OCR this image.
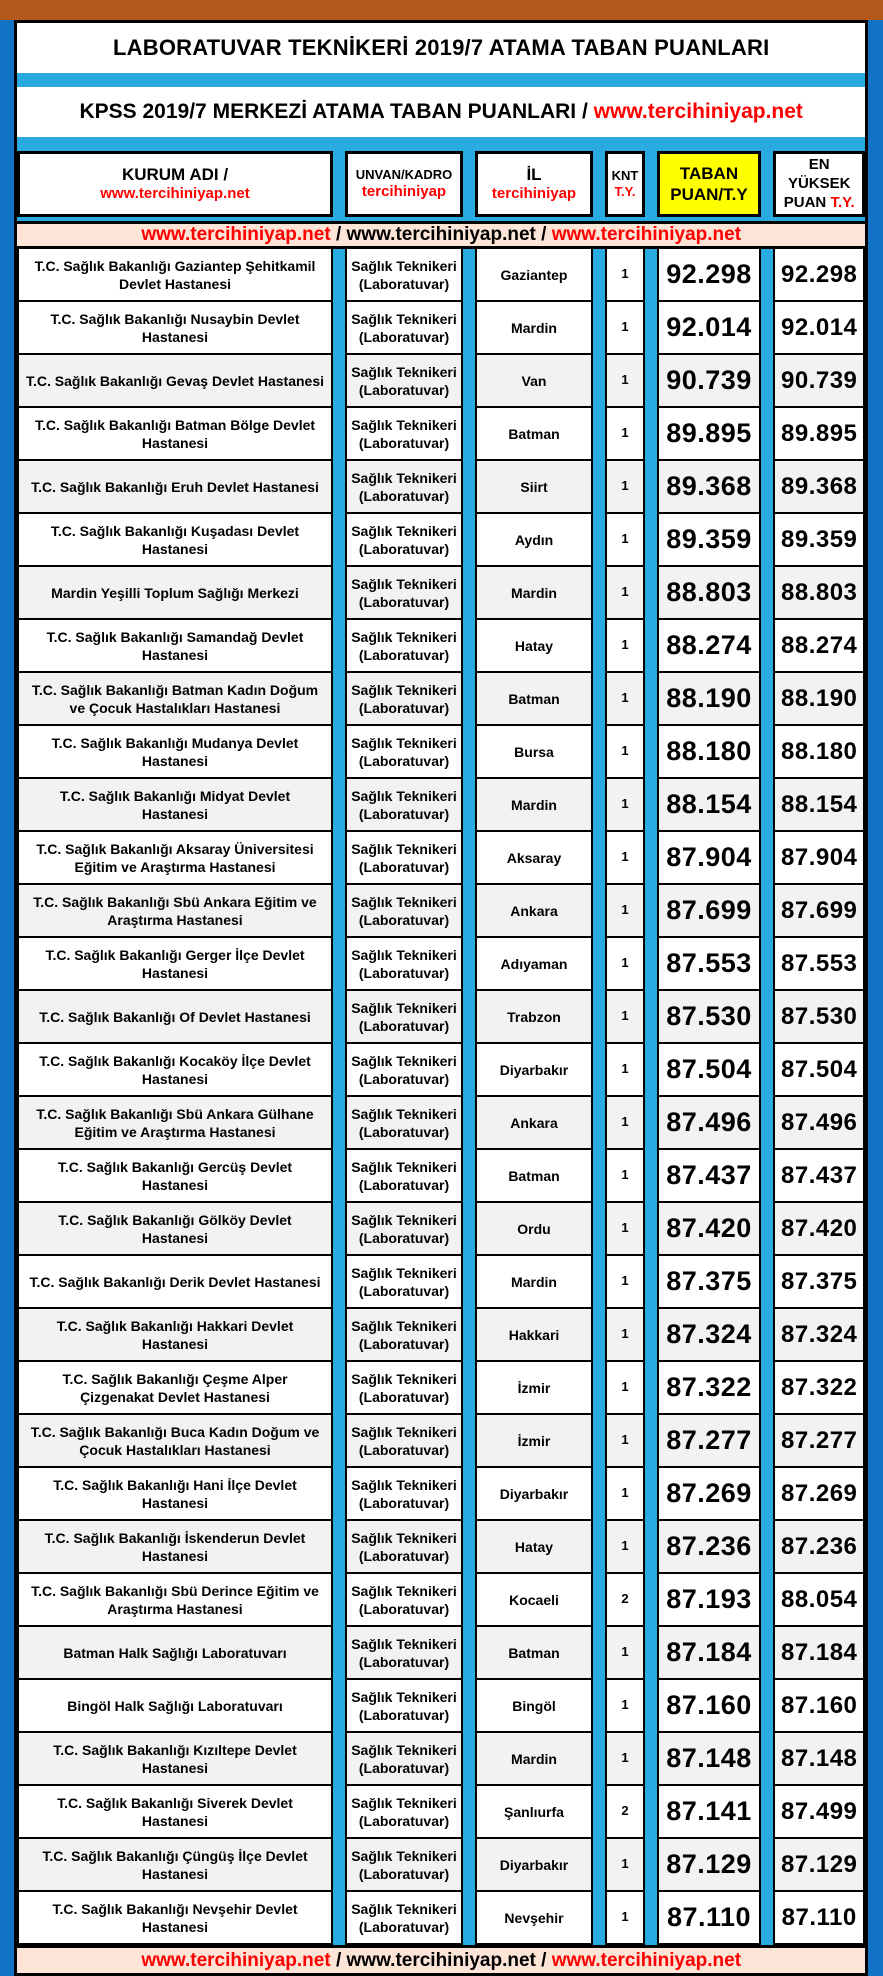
LABORATUVAR TEKNİKERİ 2019/7 ATAMA TABAN PUANLARI
KPSS 2019/7 MERKEZİ ATAMA TABAN PUANLARI / www.tercihiniyap.net
KURUM ADI /
www.tercihiniyap.net
UNVAN/KADRO
tercihiniyap
İL
tercihiniyap
KNT
T.Y.
TABAN
PUAN/T.Y
EN YÜKSEK
PUAN T.Y.
www.tercihiniyap.net / www.tercihiniyap.net / www.tercihiniyap.net
T.C. Sağlık Bakanlığı Gaziantep Şehitkamil Devlet Hastanesi
Sağlık Teknikeri
(Laboratuvar)
Gaziantep	1 92.298 92.298
T.C. Sağlık Bakanlığı Nusaybin Devlet Hastanesi
Sağlık Teknikeri
(Laboratuvar)
Mardin	1 92.014 92.014
T.C. Sağlık Bakanlığı Gevaş Devlet Hastanesi
Sağlık Teknikeri
(Laboratuvar)
Van	1 90.739 90.739
T.C. Sağlık Bakanlığı Batman Bölge Devlet Hastanesi
Sağlık Teknikeri
(Laboratuvar)
Batman	1 89.895 89.895
T.C. Sağlık Bakanlığı Eruh Devlet Hastanesi
Sağlık Teknikeri
(Laboratuvar)
Siirt	1 89.368 89.368
T.C. Sağlık Bakanlığı Kuşadası Devlet Hastanesi
Sağlık Teknikeri
(Laboratuvar)
Aydın	1 89.359 89.359
Mardin Yeşilli Toplum Sağlığı Merkezi
Sağlık Teknikeri
(Laboratuvar)
Mardin	1 88.803 88.803
T.C. Sağlık Bakanlığı Samandağ Devlet Hastanesi
Sağlık Teknikeri
(Laboratuvar)
Hatay	1 88.274 88.274
T.C. Sağlık Bakanlığı Batman Kadın Doğum ve Çocuk Hastalıkları Hastanesi
Sağlık Teknikeri
(Laboratuvar)
Batman	1 88.190 88.190
T.C. Sağlık Bakanlığı Mudanya Devlet Hastanesi
Sağlık Teknikeri
(Laboratuvar)
Bursa	1 88.180 88.180
T.C. Sağlık Bakanlığı Midyat Devlet Hastanesi
Sağlık Teknikeri
(Laboratuvar)
Mardin	1 88.154 88.154
T.C. Sağlık Bakanlığı Aksaray Üniversitesi Eğitim ve Araştırma Hastanesi
Sağlık Teknikeri
(Laboratuvar)
Aksaray	1 87.904 87.904
T.C. Sağlık Bakanlığı Sbü Ankara Eğitim ve Araştırma Hastanesi
Sağlık Teknikeri
(Laboratuvar)
Ankara	1 87.699 87.699
T.C. Sağlık Bakanlığı Gerger İlçe Devlet Hastanesi
Sağlık Teknikeri
(Laboratuvar)
Adıyaman	1 87.553 87.553
T.C. Sağlık Bakanlığı Of Devlet Hastanesi
Sağlık Teknikeri
(Laboratuvar)
Trabzon	1 87.530 87.530
T.C. Sağlık Bakanlığı Kocaköy İlçe Devlet Hastanesi
Sağlık Teknikeri
(Laboratuvar)
Diyarbakır	1 87.504 87.504
T.C. Sağlık Bakanlığı Sbü Ankara Gülhane Eğitim ve Araştırma Hastanesi
Sağlık Teknikeri
(Laboratuvar)
Ankara	1 87.496 87.496
T.C. Sağlık Bakanlığı Gercüş Devlet Hastanesi
Sağlık Teknikeri
(Laboratuvar)
Batman	1 87.437 87.437
T.C. Sağlık Bakanlığı Gölköy Devlet Hastanesi
Sağlık Teknikeri
(Laboratuvar)
Ordu	1 87.420 87.420
T.C. Sağlık Bakanlığı Derik Devlet Hastanesi
Sağlık Teknikeri
(Laboratuvar)
Mardin	1 87.375 87.375
T.C. Sağlık Bakanlığı Hakkari Devlet Hastanesi
Sağlık Teknikeri
(Laboratuvar)
Hakkari	1 87.324 87.324
T.C. Sağlık Bakanlığı Çeşme Alper Çizgenakat Devlet Hastanesi
Sağlık Teknikeri
(Laboratuvar)
İzmir	1 87.322 87.322
T.C. Sağlık Bakanlığı Buca Kadın Doğum ve Çocuk Hastalıkları Hastanesi
Sağlık Teknikeri
(Laboratuvar)
İzmir	1 87.277 87.277
T.C. Sağlık Bakanlığı Hani İlçe Devlet Hastanesi
Sağlık Teknikeri
(Laboratuvar)
Diyarbakır	1 87.269 87.269
T.C. Sağlık Bakanlığı İskenderun Devlet Hastanesi
Sağlık Teknikeri
(Laboratuvar)
Hatay	1 87.236 87.236
T.C. Sağlık Bakanlığı Sbü Derince Eğitim ve Araştırma Hastanesi
Sağlık Teknikeri
(Laboratuvar)
Kocaeli	2 87.193 88.054
Batman Halk Sağlığı Laboratuvarı
Sağlık Teknikeri
(Laboratuvar)
Batman	1 87.184 87.184
Bingöl Halk Sağlığı Laboratuvarı
Sağlık Teknikeri
(Laboratuvar)
Bingöl	1 87.160 87.160
T.C. Sağlık Bakanlığı Kızıltepe Devlet Hastanesi
Sağlık Teknikeri
(Laboratuvar)
Mardin	1 87.148 87.148
T.C. Sağlık Bakanlığı Siverek Devlet Hastanesi
Sağlık Teknikeri
(Laboratuvar)
Şanlıurfa	2 87.141 87.499
T.C. Sağlık Bakanlığı Çüngüş İlçe Devlet Hastanesi
Sağlık Teknikeri
(Laboratuvar)
Diyarbakır	1 87.129 87.129
T.C. Sağlık Bakanlığı Nevşehir Devlet Hastanesi
Sağlık Teknikeri
(Laboratuvar)
Nevşehir	1 87.110 87.110
www.tercihiniyap.net / www.tercihiniyap.net / www.tercihiniyap.net
